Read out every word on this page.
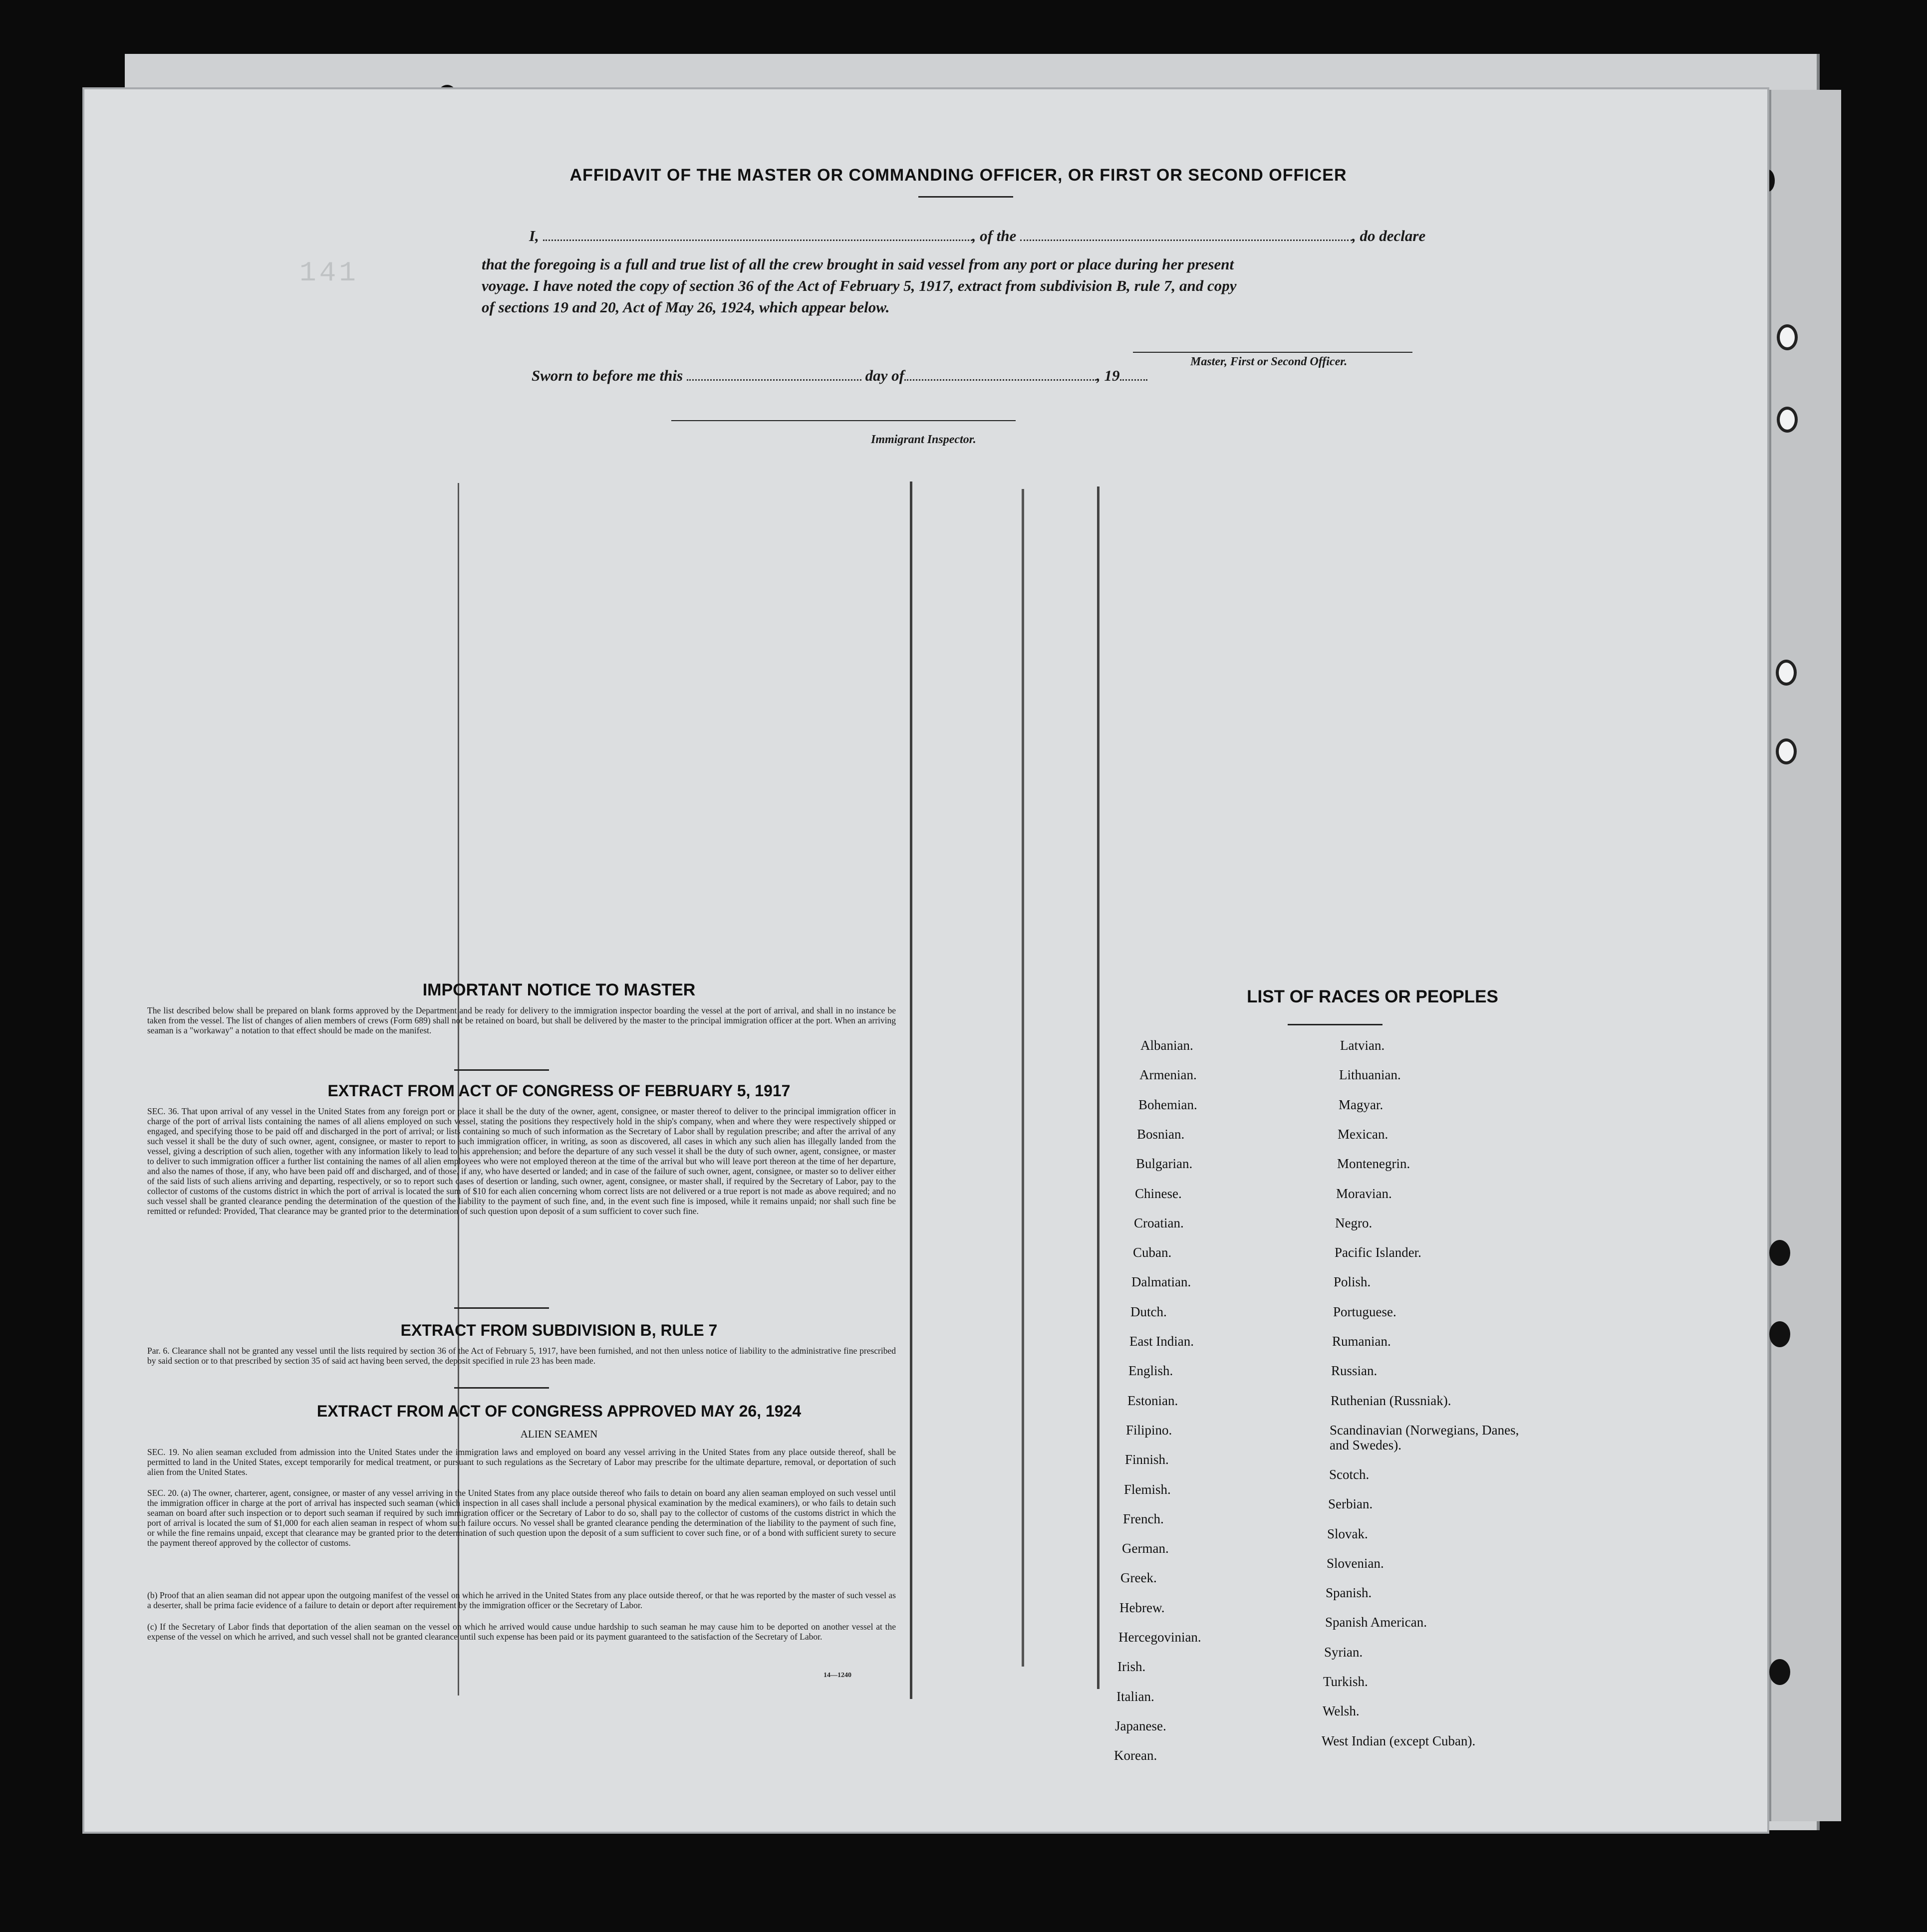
141
AFFIDAVIT OF THE MASTER OR COMMANDING OFFICER, OR FIRST OR SECOND OFFICER
I,	, of the	, do declare
that the foregoing is a full and true list of all the crew brought in said vessel from any port or place during her present
voyage. I have noted the copy of section 36 of the Act of February 5, 1917, extract from subdivision B, rule 7, and copy
of sections 19 and 20, Act of May 26, 1924, which appear below.
Master, First or Second Officer.
Sworn to before me this	day of	, 19
Immigrant Inspector.
IMPORTANT NOTICE TO MASTER
The list described below shall be prepared on blank forms approved by the Department and be ready for delivery to the immigration inspector boarding the vessel at the port of arrival, and shall in no instance be taken from the vessel. The list of changes of alien members of crews (Form 689) shall not be retained on board, but shall be delivered by the master to the principal immigration officer at the port. When an arriving seaman is a "workaway" a notation to that effect should be made on the manifest.
EXTRACT FROM ACT OF CONGRESS OF FEBRUARY 5, 1917
SEC. 36. That upon arrival of any vessel in the United States from any foreign port or place it shall be the duty of the owner, agent, consignee, or master thereof to deliver to the principal immigration officer in charge of the port of arrival lists containing the names of all aliens employed on such vessel, stating the positions they respectively hold in the ship's company, when and where they were respectively shipped or engaged, and specifying those to be paid off and discharged in the port of arrival; or lists containing so much of such information as the Secretary of Labor shall by regulation prescribe; and after the arrival of any such vessel it shall be the duty of such owner, agent, consignee, or master to report to such immigration officer, in writing, as soon as discovered, all cases in which any such alien has illegally landed from the vessel, giving a description of such alien, together with any information likely to lead to his apprehension; and before the departure of any such vessel it shall be the duty of such owner, agent, consignee, or master to deliver to such immigration officer a further list containing the names of all alien employees who were not employed thereon at the time of the arrival but who will leave port thereon at the time of her departure, and also the names of those, if any, who have been paid off and discharged, and of those, if any, who have deserted or landed; and in case of the failure of such owner, agent, consignee, or master so to deliver either of the said lists of such aliens arriving and departing, respectively, or so to report such cases of desertion or landing, such owner, agent, consignee, or master shall, if required by the Secretary of Labor, pay to the collector of customs of the customs district in which the port of arrival is located the sum of $10 for each alien concerning whom correct lists are not delivered or a true report is not made as above required; and no such vessel shall be granted clearance pending the determination of the question of the liability to the payment of such fine, and, in the event such fine is imposed, while it remains unpaid; nor shall such fine be remitted or refunded: Provided, That clearance may be granted prior to the determination of such question upon deposit of a sum sufficient to cover such fine.
EXTRACT FROM SUBDIVISION B, RULE 7
Par. 6. Clearance shall not be granted any vessel until the lists required by section 36 of the Act of February 5, 1917, have been furnished, and not then unless notice of liability to the administrative fine prescribed by said section or to that prescribed by section 35 of said act having been served, the deposit specified in rule 23 has been made.
EXTRACT FROM ACT OF CONGRESS APPROVED MAY 26, 1924
ALIEN SEAMEN
SEC. 19. No alien seaman excluded from admission into the United States under the immigration laws and employed on board any vessel arriving in the United States from any place outside thereof, shall be permitted to land in the United States, except temporarily for medical treatment, or pursuant to such regulations as the Secretary of Labor may prescribe for the ultimate departure, removal, or deportation of such alien from the United States.
SEC. 20. (a) The owner, charterer, agent, consignee, or master of any vessel arriving in the United States from any place outside thereof who fails to detain on board any alien seaman employed on such vessel until the immigration officer in charge at the port of arrival has inspected such seaman (which inspection in all cases shall include a personal physical examination by the medical examiners), or who fails to detain such seaman on board after such inspection or to deport such seaman if required by such immigration officer or the Secretary of Labor to do so, shall pay to the collector of customs of the customs district in which the port of arrival is located the sum of $1,000 for each alien seaman in respect of whom such failure occurs. No vessel shall be granted clearance pending the determination of the liability to the payment of such fine, or while the fine remains unpaid, except that clearance may be granted prior to the determination of such question upon the deposit of a sum sufficient to cover such fine, or of a bond with sufficient surety to secure the payment thereof approved by the collector of customs.
(b) Proof that an alien seaman did not appear upon the outgoing manifest of the vessel on which he arrived in the United States from any place outside thereof, or that he was reported by the master of such vessel as a deserter, shall be prima facie evidence of a failure to detain or deport after requirement by the immigration officer or the Secretary of Labor.
(c) If the Secretary of Labor finds that deportation of the alien seaman on the vessel on which he arrived would cause undue hardship to such seaman he may cause him to be deported on another vessel at the expense of the vessel on which he arrived, and such vessel shall not be granted clearance until such expense has been paid or its payment guaranteed to the satisfaction of the Secretary of Labor.
14—1240
LIST OF RACES OR PEOPLES
Albanian.
Armenian.
Bohemian.
Bosnian.
Bulgarian.
Chinese.
Croatian.
Cuban.
Dalmatian.
Dutch.
East Indian.
English.
Estonian.
Filipino.
Finnish.
Flemish.
French.
German.
Greek.
Hebrew.
Hercegovinian.
Irish.
Italian.
Japanese.
Korean.
Latvian.
Lithuanian.
Magyar.
Mexican.
Montenegrin.
Moravian.
Negro.
Pacific Islander.
Polish.
Portuguese.
Rumanian.
Russian.
Ruthenian (Russniak).
Scandinavian (Norwegians, Danes, and Swedes).
Scotch.
Serbian.
Slovak.
Slovenian.
Spanish.
Spanish American.
Syrian.
Turkish.
Welsh.
West Indian (except Cuban).
